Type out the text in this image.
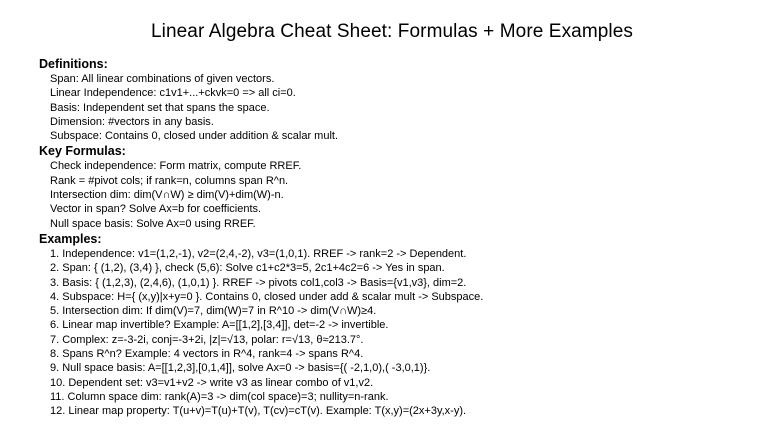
Linear Algebra Cheat Sheet: Formulas + More Examples
Definitions:
Span: All linear combinations of given vectors.
Linear Independence: c1v1+...+ckvk=0 => all ci=0.
Basis: Independent set that spans the space.
Dimension: #vectors in any basis.
Subspace: Contains 0, closed under addition & scalar mult.
Key Formulas:
Check independence: Form matrix, compute RREF.
Rank = #pivot cols; if rank=n, columns span R^n.
Intersection dim: dim(V∩W) ≥ dim(V)+dim(W)-n.
Vector in span? Solve Ax=b for coefficients.
Null space basis: Solve Ax=0 using RREF.
Examples:
1. Independence: v1=(1,2,-1), v2=(2,4,-2), v3=(1,0,1). RREF -> rank=2 -> Dependent.
2. Span: { (1,2), (3,4) }, check (5,6): Solve c1+c2*3=5, 2c1+4c2=6 -> Yes in span.
3. Basis: { (1,2,3), (2,4,6), (1,0,1) }. RREF -> pivots col1,col3 -> Basis={v1,v3}, dim=2.
4. Subspace: H={ (x,y)|x+y=0 }. Contains 0, closed under add & scalar mult -> Subspace.
5. Intersection dim: If dim(V)=7, dim(W)=7 in R^10 -> dim(V∩W)≥4.
6. Linear map invertible? Example: A=[[1,2],[3,4]], det=-2 -> invertible.
7. Complex: z=-3-2i, conj=-3+2i, |z|=√13, polar: r=√13, θ≈213.7°.
8. Spans R^n? Example: 4 vectors in R^4, rank=4 -> spans R^4.
9. Null space basis: A=[[1,2,3],[0,1,4]], solve Ax=0 -> basis={( -2,1,0),( -3,0,1)}.
10. Dependent set: v3=v1+v2 -> write v3 as linear combo of v1,v2.
11. Column space dim: rank(A)=3 -> dim(col space)=3; nullity=n-rank.
12. Linear map property: T(u+v)=T(u)+T(v), T(cv)=cT(v). Example: T(x,y)=(2x+3y,x-y).
